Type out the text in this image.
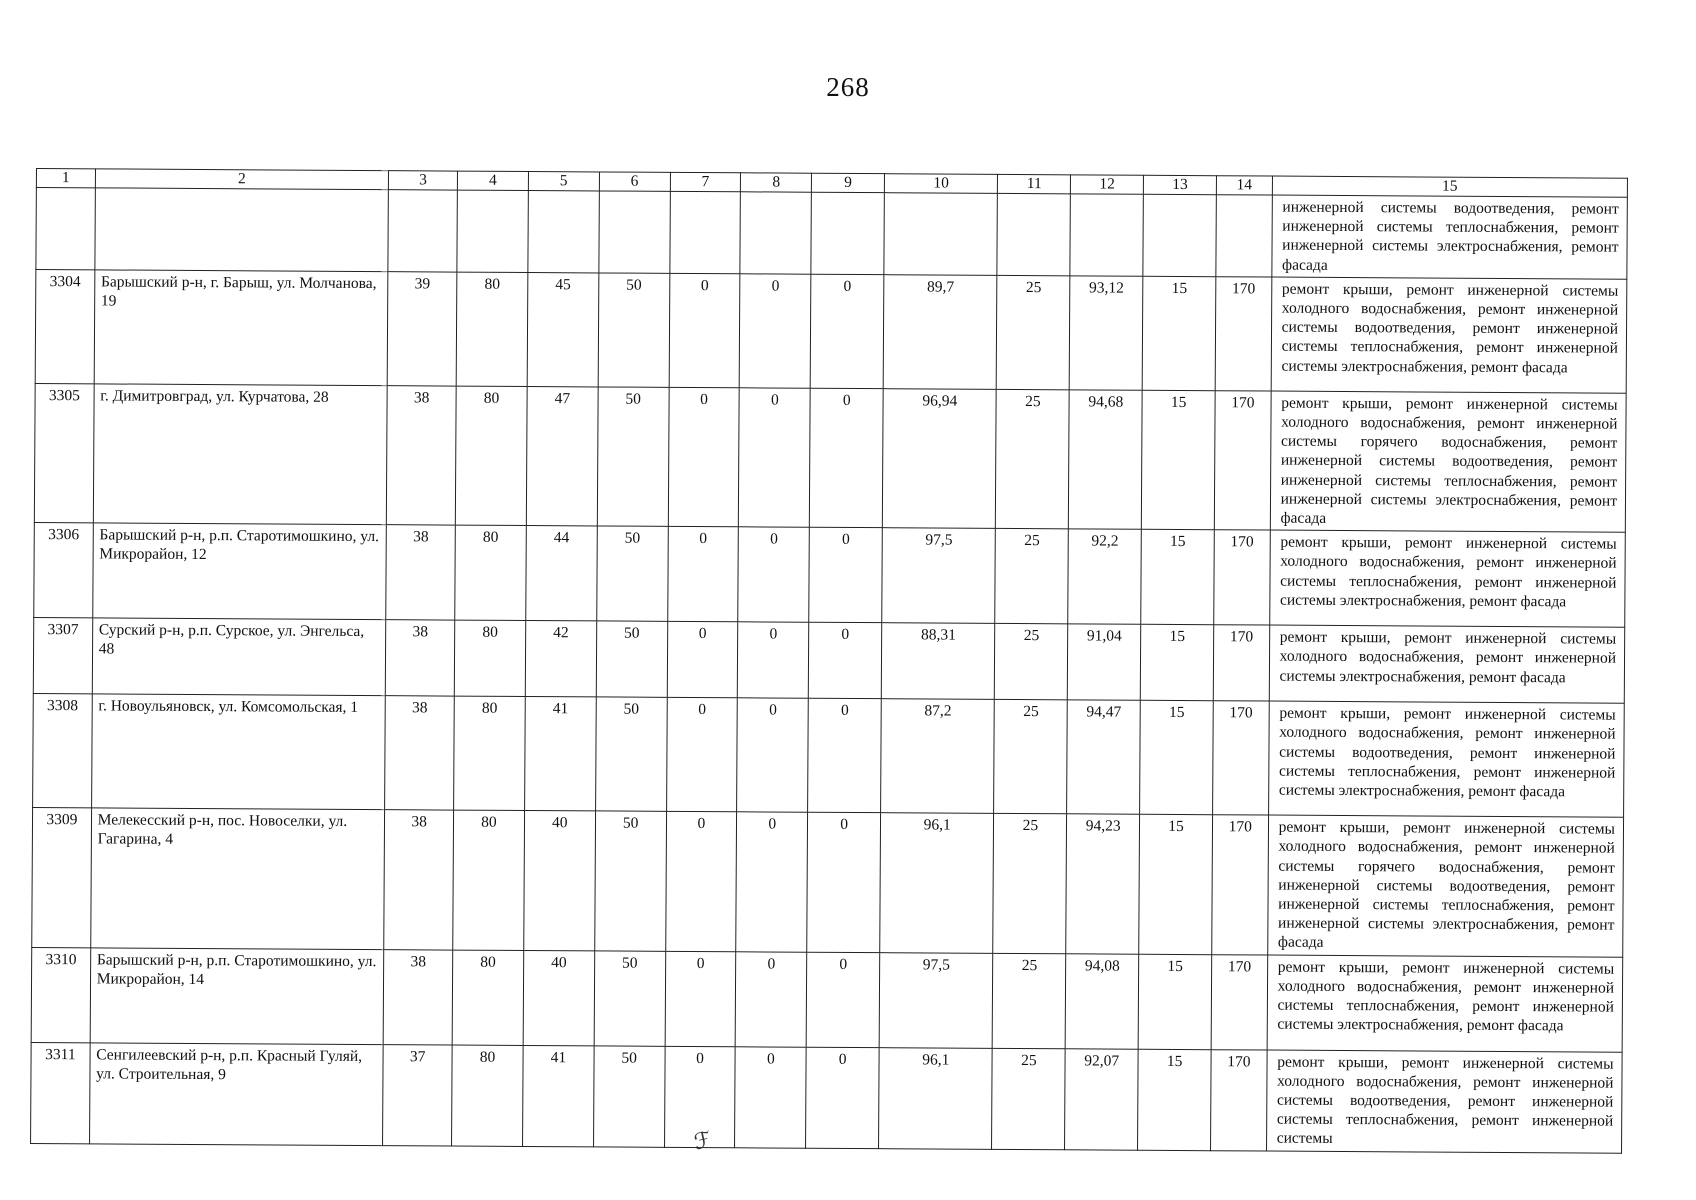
268
1	2	3	4	5	6	7	8	9	10	11	12	13	14	15
														инженерной системы водоотведения, ремонт инженерной системы теплоснабжения, ремонт инженерной системы электроснабжения, ремонт фасада
3304	Барышский р-н, г. Барыш, ул. Молчанова, 19	39	80	45	50	0	0	0	89,7	25	93,12	15	170	ремонт крыши, ремонт инженерной системы холодного водоснабжения, ремонт инженерной системы водоотведения, ремонт инженерной системы теплоснабжения, ремонт инженерной системы электроснабжения, ремонт фасада
3305	г. Димитровград, ул. Курчатова, 28	38	80	47	50	0	0	0	96,94	25	94,68	15	170	ремонт крыши, ремонт инженерной системы холодного водоснабжения, ремонт инженерной системы горячего водоснабжения, ремонт инженерной системы водоотведения, ремонт инженерной системы теплоснабжения, ремонт инженерной системы электроснабжения, ремонт фасада
3306	Барышский р-н, р.п. Старотимошкино, ул. Микрорайон, 12	38	80	44	50	0	0	0	97,5	25	92,2	15	170	ремонт крыши, ремонт инженерной системы холодного водоснабжения, ремонт инженерной системы теплоснабжения, ремонт инженерной системы электроснабжения, ремонт фасада
3307	Сурский р-н, р.п. Сурское, ул. Энгельса, 48	38	80	42	50	0	0	0	88,31	25	91,04	15	170	ремонт крыши, ремонт инженерной системы холодного водоснабжения, ремонт инженерной системы электроснабжения, ремонт фасада
3308	г. Новоульяновск, ул. Комсомольская, 1	38	80	41	50	0	0	0	87,2	25	94,47	15	170	ремонт крыши, ремонт инженерной системы холодного водоснабжения, ремонт инженерной системы водоотведения, ремонт инженерной системы теплоснабжения, ремонт инженерной системы электроснабжения, ремонт фасада
3309	Мелекесский р-н, пос. Новоселки, ул. Гагарина, 4	38	80	40	50	0	0	0	96,1	25	94,23	15	170	ремонт крыши, ремонт инженерной системы холодного водоснабжения, ремонт инженерной системы горячего водоснабжения, ремонт инженерной системы водоотведения, ремонт инженерной системы теплоснабжения, ремонт инженерной системы электроснабжения, ремонт фасада
3310	Барышский р-н, р.п. Старотимошкино, ул. Микрорайон, 14	38	80	40	50	0	0	0	97,5	25	94,08	15	170	ремонт крыши, ремонт инженерной системы холодного водоснабжения, ремонт инженерной системы теплоснабжения, ремонт инженерной системы электроснабжения, ремонт фасада
3311	Сенгилеевский р-н, р.п. Красный Гуляй, ул. Строительная, 9	37	80	41	50	0	0	0	96,1	25	92,07	15	170	ремонт крыши, ремонт инженерной системы холодного водоснабжения, ремонт инженерной системы водоотведения, ремонт инженерной системы теплоснабжения, ремонт инженерной системы
ℱ
